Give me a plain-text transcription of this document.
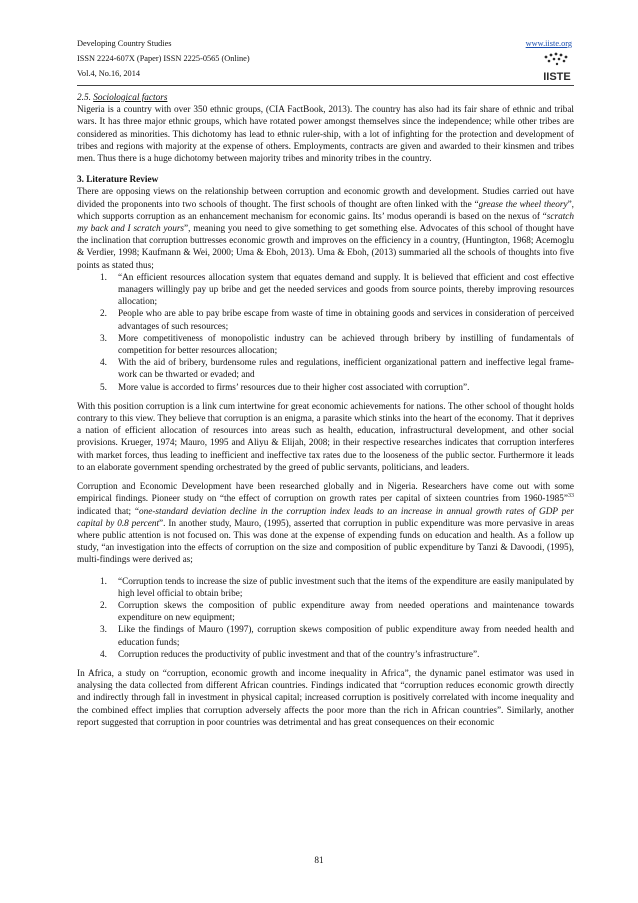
Developing Country Studies
ISSN 2224-607X (Paper) ISSN 2225-0565 (Online)
Vol.4, No.16, 2014
www.iiste.org
IISTE

2.5. Sociological factors

Nigeria is a country with over 350 ethnic groups, (CIA FactBook, 2013). The country has also had its fair share of ethnic and tribal wars. It has three major ethnic groups, which have rotated power amongst themselves since the independence; while other tribes are considered as minorities. This dichotomy has lead to ethnic ruler-ship, with a lot of infighting for the protection and development of tribes and regions with majority at the expense of others. Employments, contracts are given and awarded to their kinsmen and tribes men. Thus there is a huge dichotomy between majority tribes and minority tribes in the country.

3. Literature Review

There are opposing views on the relationship between corruption and economic growth and development. Studies carried out have divided the proponents into two schools of thought. The first schools of thought are often linked with the “grease the wheel theory”, which supports corruption as an enhancement mechanism for economic gains. Its’ modus operandi is based on the nexus of “scratch my back and I scratch yours”, meaning you need to give something to get something else. Advocates of this school of thought have the inclination that corruption buttresses economic growth and improves on the efficiency in a country, (Huntington, 1968; Acemoglu & Verdier, 1998; Kaufmann & Wei, 2000; Uma & Eboh, 2013). Uma & Eboh, (2013) summaried all the schools of thoughts into five points as stated thus;

1. “An efficient resources allocation system that equates demand and supply. It is believed that efficient and cost effective managers willingly pay up bribe and get the needed services and goods from source points, thereby improving resources allocation;
2. People who are able to pay bribe escape from waste of time in obtaining goods and services in consideration of perceived advantages of such resources;
3. More competitiveness of monopolistic industry can be achieved through bribery by instilling of fundamentals of competition for better resources allocation;
4. With the aid of bribery, burdensome rules and regulations, inefficient organizational pattern and ineffective legal frame-work can be thwarted or evaded; and
5. More value is accorded to firms’ resources due to their higher cost associated with corruption”.

With this position corruption is a link cum intertwine for great economic achievements for nations. The other school of thought holds contrary to this view. They believe that corruption is an enigma, a parasite which stinks into the heart of the economy. That it deprives a nation of efficient allocation of resources into areas such as health, education, infrastructural development, and other social provisions. Krueger, 1974; Mauro, 1995 and Aliyu & Elijah, 2008; in their respective researches indicates that corruption interferes with market forces, thus leading to inefficient and ineffective tax rates due to the looseness of the public sector. Furthermore it leads to an elaborate government spending orchestrated by the greed of public servants, politicians, and leaders.

Corruption and Economic Development have been researched globally and in Nigeria. Researchers have come out with some empirical findings. Pioneer study on “the effect of corruption on growth rates per capital of sixteen countries from 1960-1985”$^{33}$ indicated that; “one-standard deviation decline in the corruption index leads to an increase in annual growth rates of GDP per capital by 0.8 percent”. In another study, Mauro, (1995), asserted that corruption in public expenditure was more pervasive in areas where public attention is not focused on. This was done at the expense of expending funds on education and health. As a follow up study, “an investigation into the effects of corruption on the size and composition of public expenditure by Tanzi & Davoodi, (1995), multi-findings were derived as;

1. “Corruption tends to increase the size of public investment such that the items of the expenditure are easily manipulated by high level official to obtain bribe;
2. Corruption skews the composition of public expenditure away from needed operations and maintenance towards expenditure on new equipment;
3. Like the findings of Mauro (1997), corruption skews composition of public expenditure away from needed health and education funds;
4. Corruption reduces the productivity of public investment and that of the country’s infrastructure”.

In Africa, a study on “corruption, economic growth and income inequality in Africa”, the dynamic panel estimator was used in analysing the data collected from different African countries. Findings indicated that “corruption reduces economic growth directly and indirectly through fall in investment in physical capital; increased corruption is positively correlated with income inequality and the combined effect implies that corruption adversely affects the poor more than the rich in African countries”. Similarly, another report suggested that corruption in poor countries was detrimental and has great consequences on their economic

81
